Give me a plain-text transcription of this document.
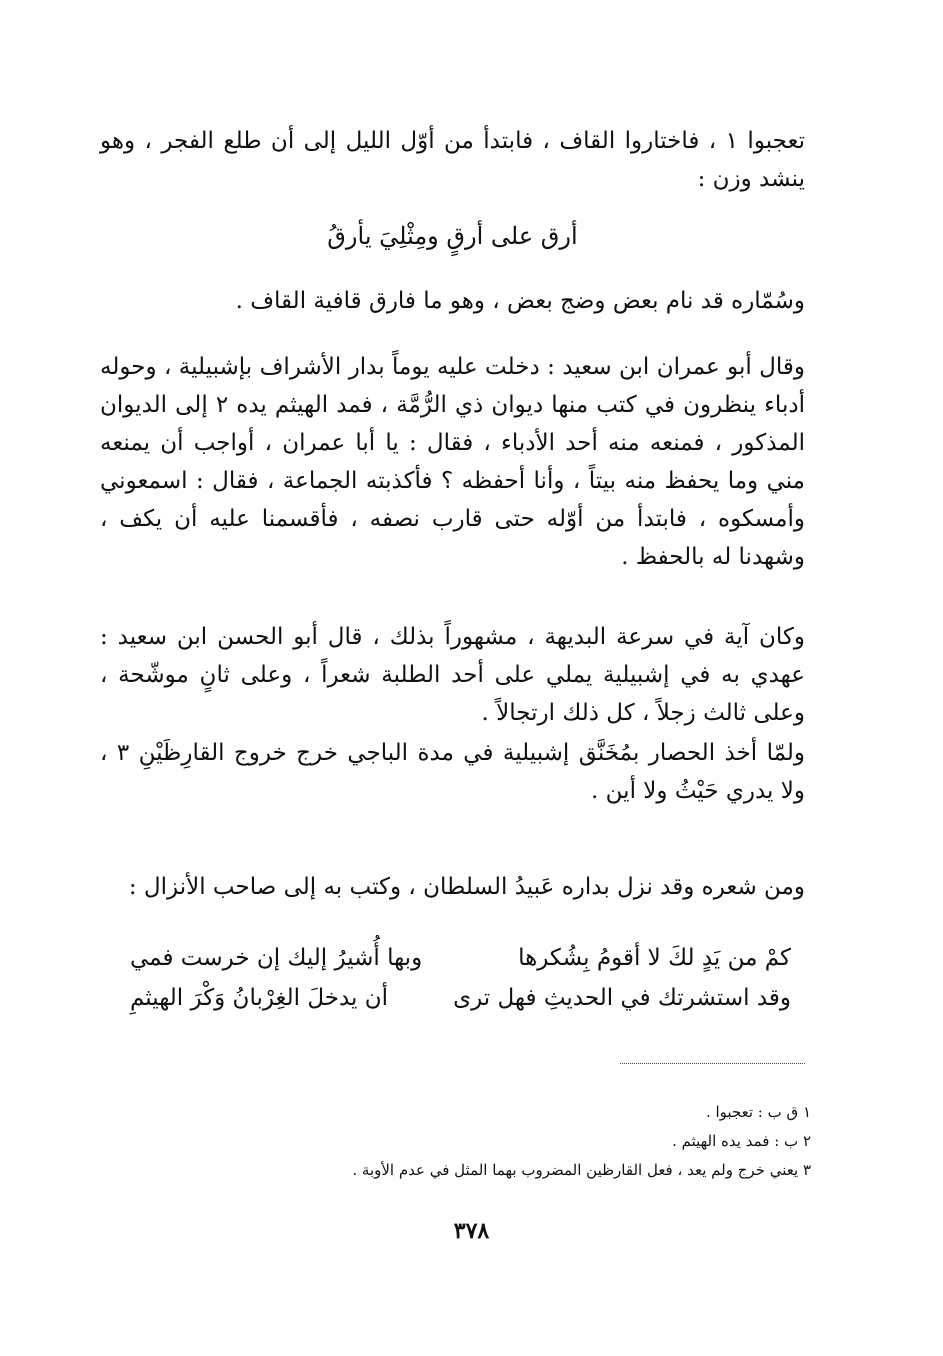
تعجبوا ١ ، فاختاروا القاف ، فابتدأ من أوّل الليل إلى أن طلع الفجر ، وهو ينشد وزن :

أرق على أرقٍ ومِثْلِيَ يأرقُ

وسُمّاره قد نام بعض وضج بعض ، وهو ما فارق قافية القاف .

وقال أبو عمران ابن سعيد : دخلت عليه يوماً بدار الأشراف بإشبيلية ، وحوله أدباء ينظرون في كتب منها ديوان ذي الرُّمَّة ، فمد الهيثم يده ٢ إلى الديوان المذكور ، فمنعه منه أحد الأدباء ، فقال : يا أبا عمران ، أواجب أن يمنعه مني وما يحفظ منه بيتاً ، وأنا أحفظه ؟ فأكذبته الجماعة ، فقال : اسمعوني وأمسكوه ، فابتدأ من أوّله حتى قارب نصفه ، فأقسمنا عليه أن يكف ، وشهدنا له بالحفظ .

وكان آية في سرعة البديهة ، مشهوراً بذلك ، قال أبو الحسن ابن سعيد : عهدي به في إشبيلية يملي على أحد الطلبة شعراً ، وعلى ثانٍ موشّحة ، وعلى ثالث زجلاً ، كل ذلك ارتجالاً .

ولمّا أخذ الحصار بمُخَنَّق إشبيلية في مدة الباجي خرج خروج القارِظَيْنِ ٣ ، ولا يدري حَيْثُ ولا أين .

ومن شعره وقد نزل بداره عَبيدُ السلطان ، وكتب به إلى صاحب الأنزال :

كمْ من يَدٍ لكَ لا أقومُ بِشُكرها
وبها أُشيرُ إليك إن خرست فمي
وقد استشرتك في الحديثِ فهل ترى
أن يدخلَ الغِرْبانُ وَكْرَ الهيثمِ
١ ق ب : تعجبوا .
٢ ب : فمد يده الهيثم .
٣ يعني خرج ولم يعد ، فعل القارظين المضروب بهما المثل في عدم الأوبة .
٣٧٨
